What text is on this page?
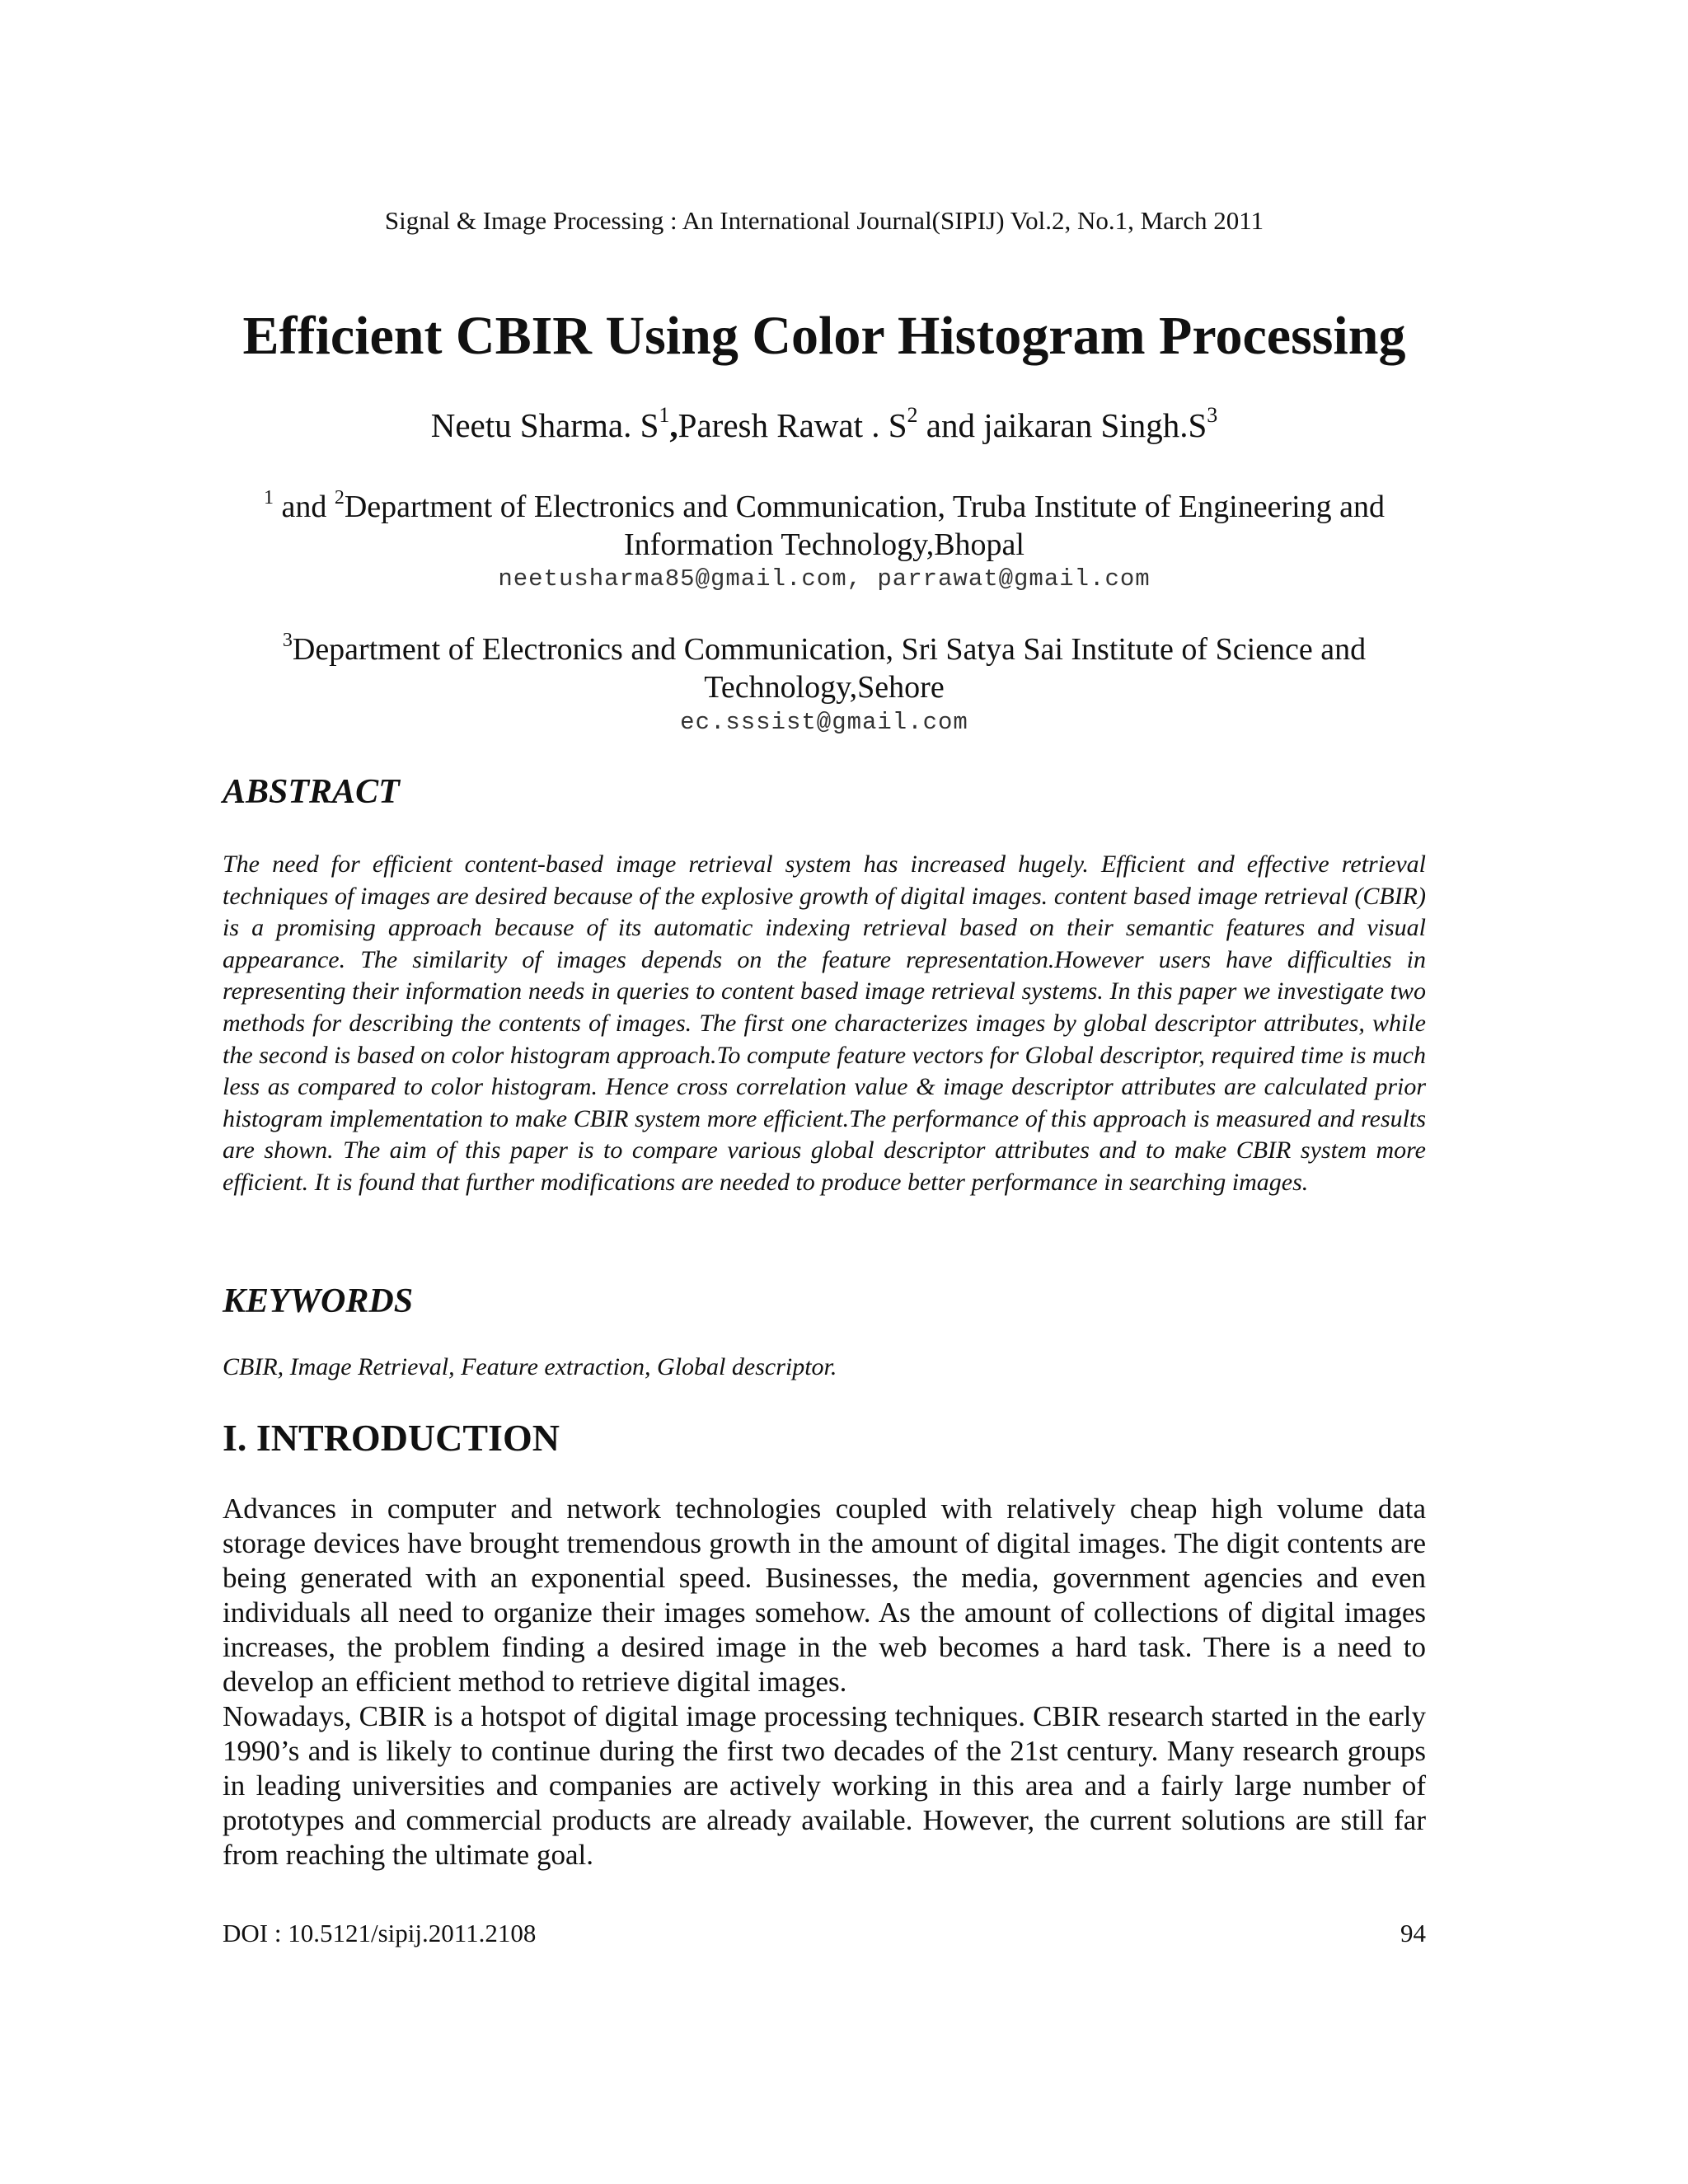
Signal & Image Processing : An International Journal(SIPIJ) Vol.2, No.1, March 2011
Efficient CBIR Using Color Histogram Processing
Neetu Sharma. $S^1,Paresh$ Rawat . $S^2$ and jaikaran $Singh.S^3$
$^1$ and $^2$Department of Electronics and Communication, Truba Institute of Engineering and
Information Technology,Bhopal
neetusharma85@gmail.com, parrawat@gmail.com
$^3$Department of Electronics and Communication, Sri Satya Sai Institute of Science and
Technology,Sehore
ec.sssist@gmail.com
ABSTRACT

The need for efficient content-based image retrieval system has increased hugely. Efficient and effective retrieval techniques of images are desired because of the explosive growth of digital images. content based image retrieval (CBIR) is a promising approach because of its automatic indexing retrieval based on their semantic features and visual appearance. The similarity of images depends on the feature representation.However users have difficulties in representing their information needs in queries to content based image retrieval systems. In this paper we investigate two methods for describing the contents of images. The first one characterizes images by global descriptor attributes, while the second is based on color histogram approach.To compute feature vectors for Global descriptor, required time is much less as compared to color histogram. Hence cross correlation value & image descriptor attributes are calculated prior histogram implementation to make CBIR system more efficient.The performance of this approach is measured and results are shown. The aim of this paper is to compare various global descriptor attributes and to make CBIR system more efficient. It is found that further modifications are needed to produce better performance in searching images.

KEYWORDS

CBIR, Image Retrieval, Feature extraction, Global descriptor.

I. INTRODUCTION

Advances in computer and network technologies coupled with relatively cheap high volume data storage devices have brought tremendous growth in the amount of digital images. The digit contents are being generated with an exponential speed. Businesses, the media, government agencies and even individuals all need to organize their images somehow. As the amount of collections of digital images increases, the problem finding a desired image in the web becomes a hard task. There is a need to develop an efficient method to retrieve digital images.

Nowadays, CBIR is a hotspot of digital image processing techniques. CBIR research started in the early 1990’s and is likely to continue during the first two decades of the 21st century. Many research groups in leading universities and companies are actively working in this area and a fairly large number of prototypes and commercial products are already available. However, the current solutions are still far from reaching the ultimate goal.

DOI : 10.5121/sipij.2011.2108	94
